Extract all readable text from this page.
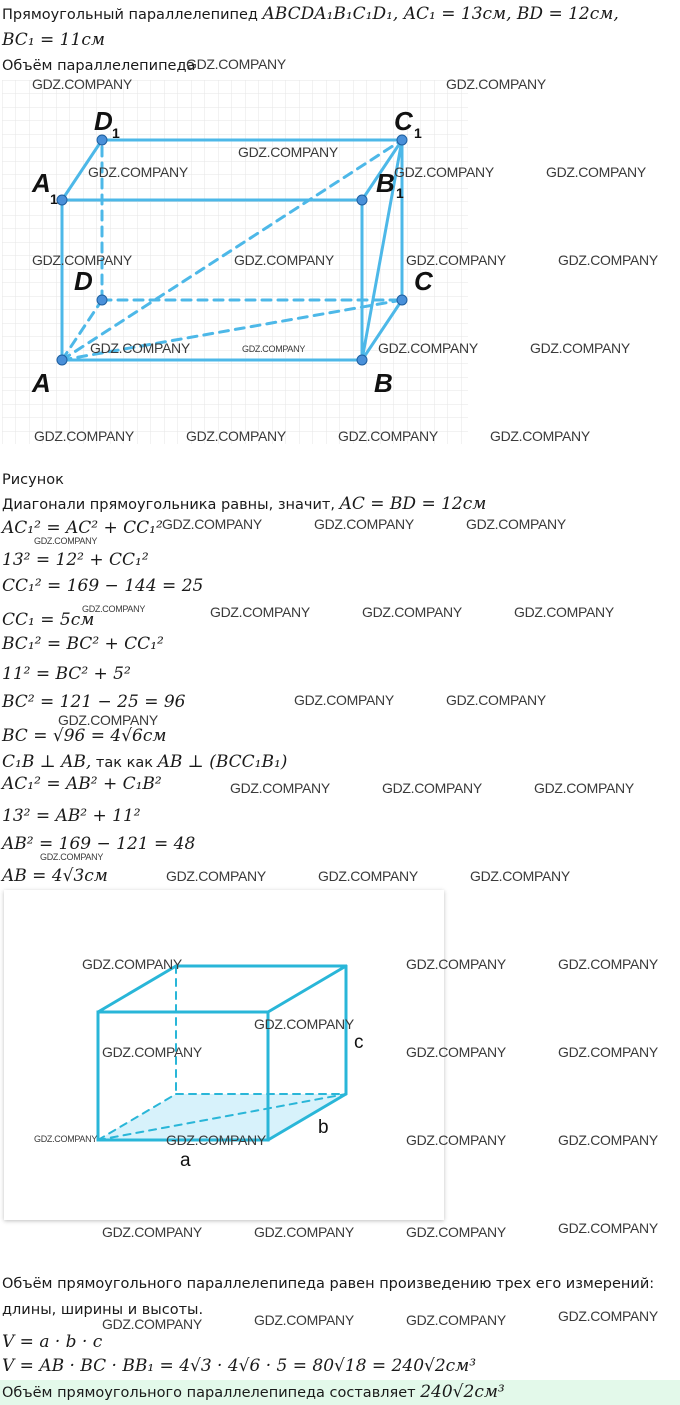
Прямоугольный параллелепипед ABCDA₁B₁C₁D₁, AC₁ = 13см, BD = 12см,
BC₁ = 11см
Объём параллелепипеда
A	B
C
D
A	B
C
D
1	1
1
1
Рисунок
Диагонали прямоугольника равны, значит, AC = BD = 12см
AC₁² = AC² + CC₁²
13² = 12² + CC₁²
CC₁² = 169 − 144 = 25
CC₁ = 5см
BC₁² = BC² + CC₁²
11² = BC² + 5²
BC² = 121 − 25 = 96
BC = √96 = 4√6см
C₁B ⊥ AB, так как AB ⊥ (BCC₁B₁)
AC₁² = AB² + C₁B²
13² = AB² + 11²
AB² = 169 − 121 = 48
AB = 4√3см
a
b
c
Объём прямоугольного параллелепипеда равен произведению трех его измерений:
длины, ширины и высоты.
V = a · b · c
V = AB · BC · BB₁ = 4√3 · 4√6 · 5 = 80√18 = 240√2см³
Объём прямоугольного параллелепипеда составляет 240√2см³
GDZ.COMPANY
GDZ.COMPANY	GDZ.COMPANY
GDZ.COMPANY
GDZ.COMPANY	GDZ.COMPANY	GDZ.COMPANY
GDZ.COMPANY	GDZ.COMPANY	GDZ.COMPANY	GDZ.COMPANY
GDZ.COMPANY	GDZ.COMPANY	GDZ.COMPANY	GDZ.COMPANY
GDZ.COMPANY	GDZ.COMPANY	GDZ.COMPANY	GDZ.COMPANY
GDZ.COMPANY
GDZ.COMPANY
GDZ.COMPANY	GDZ.COMPANY
GDZ.COMPANY	GDZ.COMPANY	GDZ.COMPANY	GDZ.COMPANY
GDZ.COMPANY	GDZ.COMPANY
GDZ.COMPANY
GDZ.COMPANY	GDZ.COMPANY	GDZ.COMPANY
GDZ.COMPANY
GDZ.COMPANY	GDZ.COMPANY	GDZ.COMPANY
GDZ.COMPANY	GDZ.COMPANY	GDZ.COMPANY
GDZ.COMPANY
GDZ.COMPANY	GDZ.COMPANY	GDZ.COMPANY
GDZ.COMPANY	GDZ.COMPANY	GDZ.COMPANY	GDZ.COMPANY
GDZ.COMPANY	GDZ.COMPANY	GDZ.COMPANY	GDZ.COMPANY
GDZ.COMPANY	GDZ.COMPANY	GDZ.COMPANY	GDZ.COMPANY
